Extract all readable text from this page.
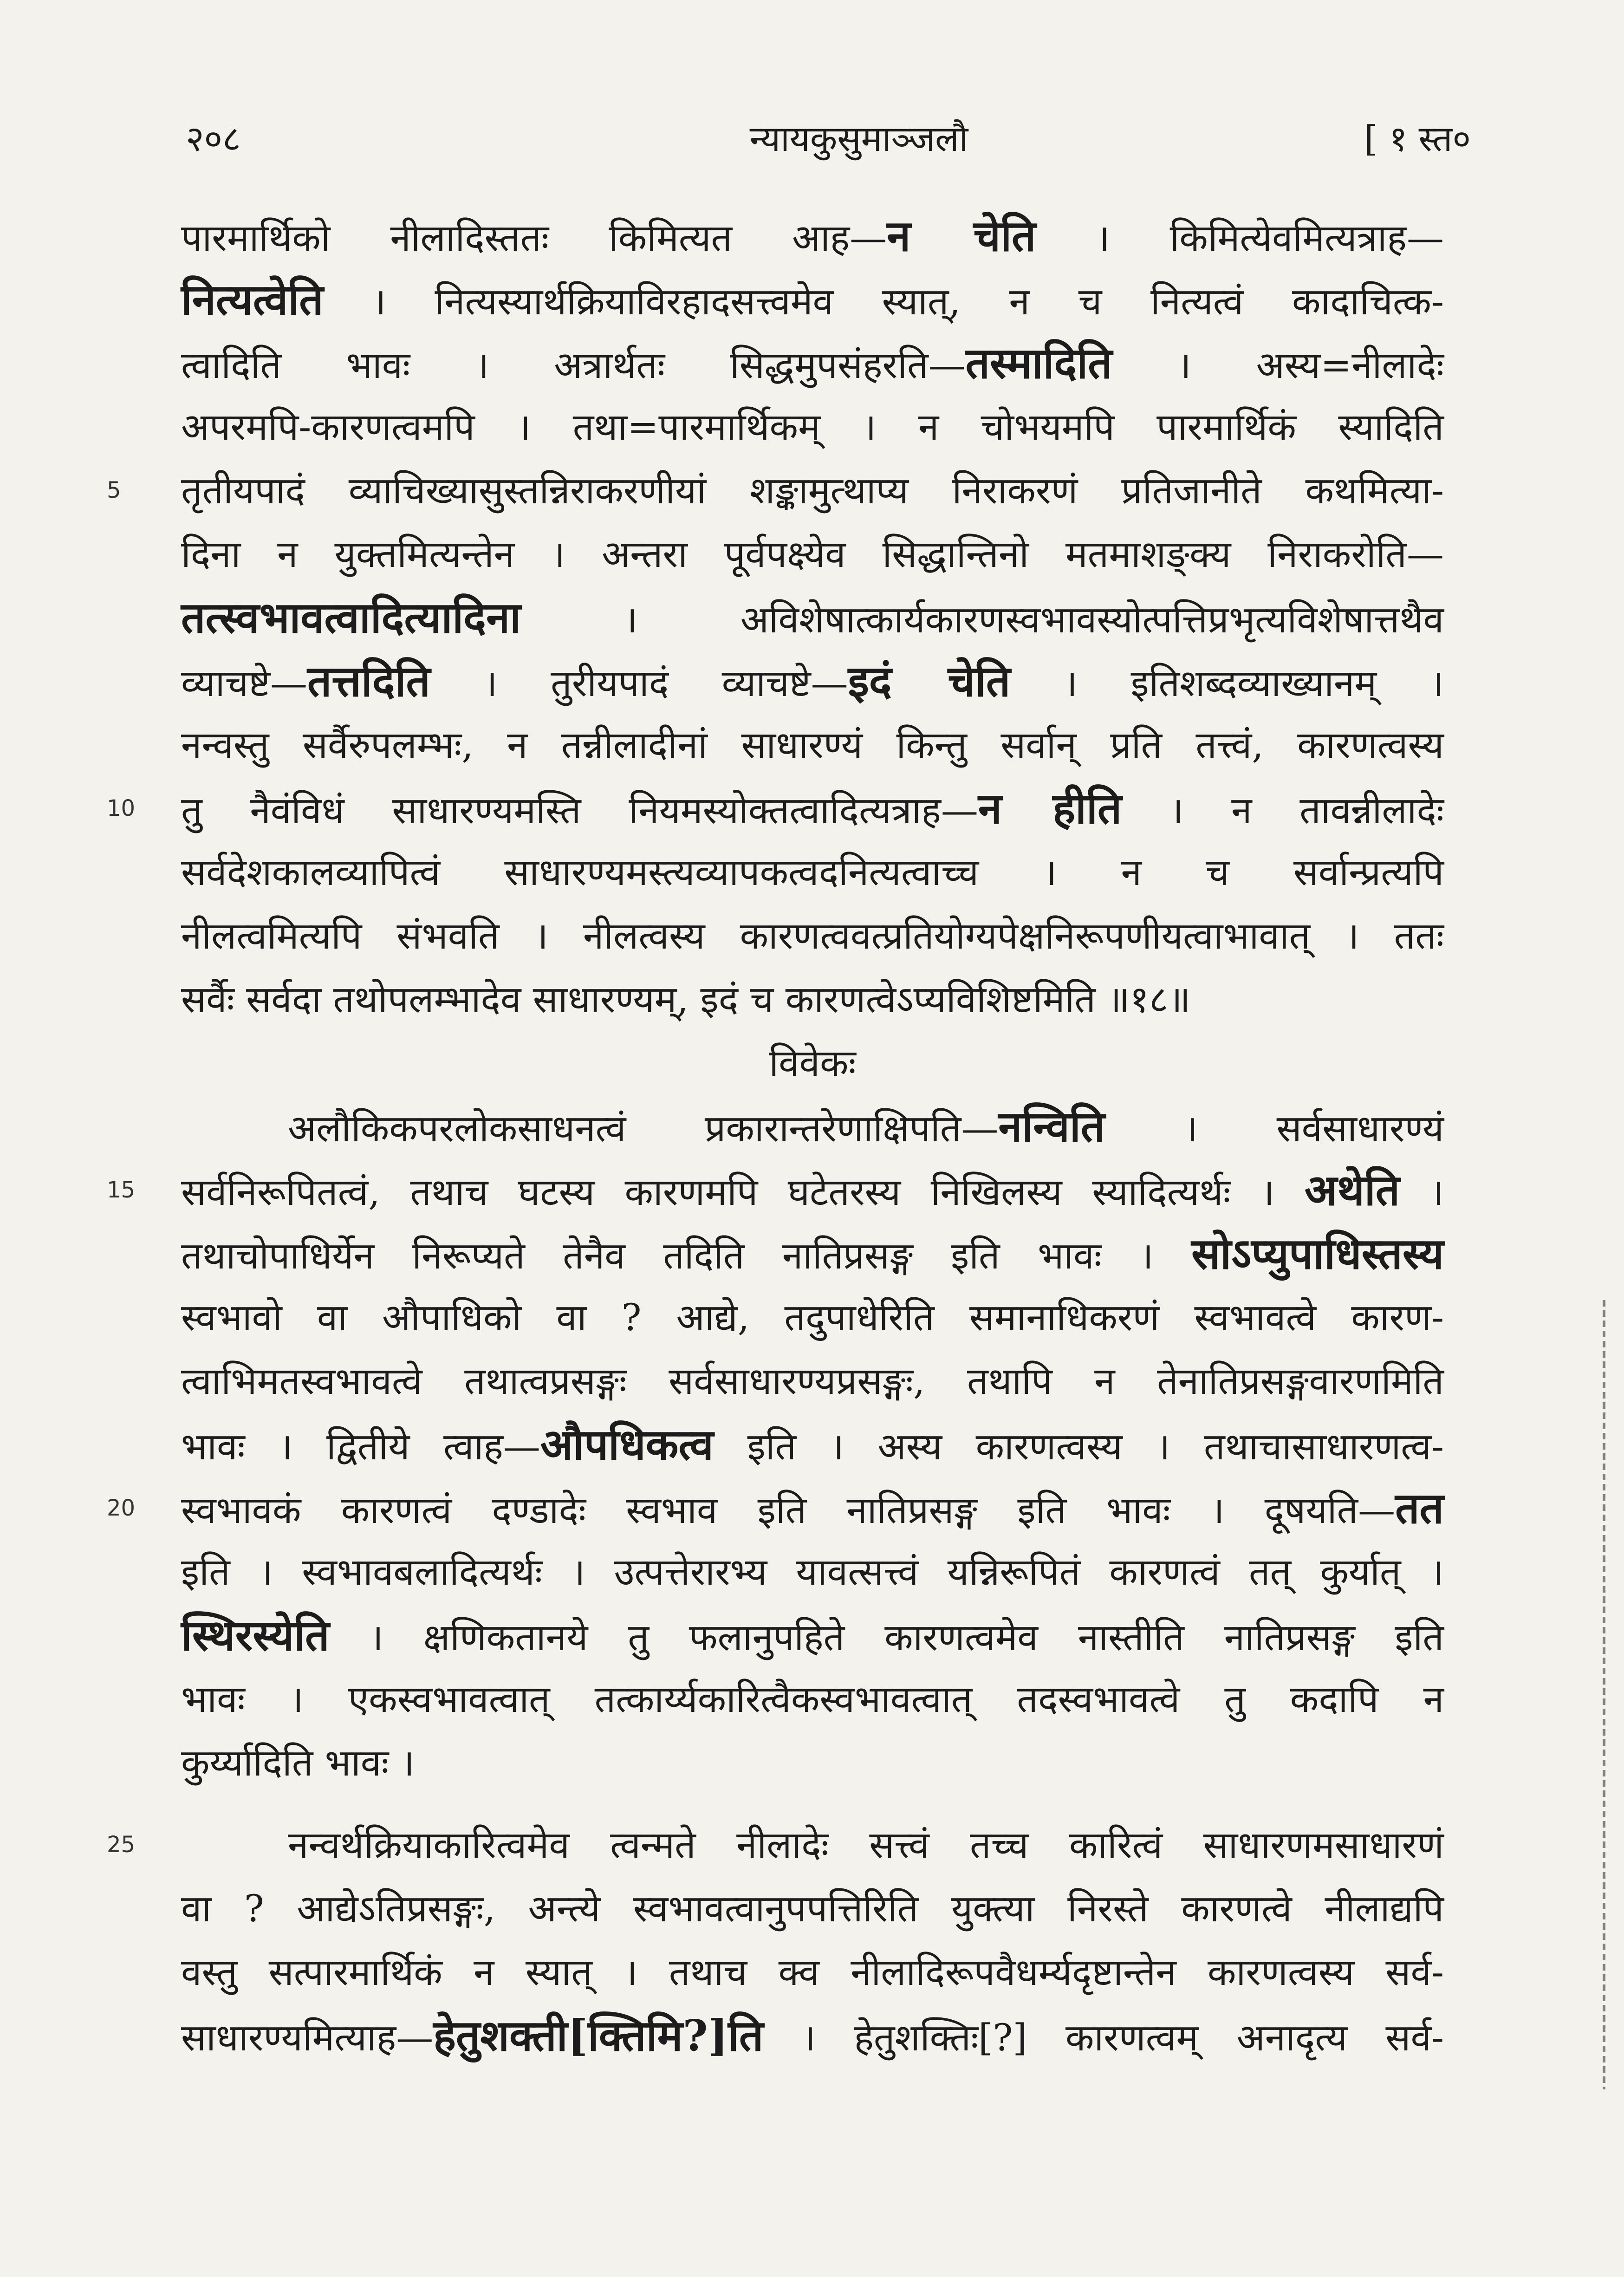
२०८	न्यायकुसुमाञ्जलौ	[ १ स्त०
पारमार्थिको नीलादिस्ततः किमित्यत आह—न चेति । किमित्येवमित्यत्राह—
नित्यत्वेति । नित्यस्यार्थक्रियाविरहादसत्त्वमेव स्यात्, न च नित्यत्वं कादाचित्क-
त्वादिति भावः । अत्रार्थतः सिद्धमुपसंहरति—तस्मादिति । अस्य=नीलादेः
अपरमपि-कारणत्वमपि । तथा=पारमार्थिकम् । न चोभयमपि पारमार्थिकं स्यादिति
5 तृतीयपादं व्याचिख्यासुस्तन्निराकरणीयां शङ्कामुत्थाप्य निराकरणं प्रतिजानीते कथमित्या-
दिना न युक्तमित्यन्तेन । अन्तरा पूर्वपक्ष्येव सिद्धान्तिनो मतमाशङ्क्य निराकरोति—
तत्स्वभावत्वादित्यादिना । अविशेषात्कार्यकारणस्वभावस्योत्पत्तिप्रभृत्यविशेषात्तथैव
व्याचष्टे—तत्तदिति । तुरीयपादं व्याचष्टे—इदं चेति । इतिशब्दव्याख्यानम् ।
नन्वस्तु सर्वैरुपलम्भः, न तन्नीलादीनां साधारण्यं किन्तु सर्वान् प्रति तत्त्वं, कारणत्वस्य
10 तु नैवंविधं साधारण्यमस्ति नियमस्योक्तत्वादित्यत्राह—न हीति । न तावन्नीलादेः
सर्वदेशकालव्यापित्वं साधारण्यमस्त्यव्यापकत्वदनित्यत्वाच्च । न च सर्वान्प्रत्यपि
नीलत्वमित्यपि संभवति । नीलत्वस्य कारणत्ववत्प्रतियोग्यपेक्षनिरूपणीयत्वाभावात् । ततः
सर्वैः सर्वदा तथोपलम्भादेव साधारण्यम्, इदं च कारणत्वेऽप्यविशिष्टमिति ॥१८॥
विवेकः
अलौकिकपरलोकसाधनत्वं प्रकारान्तरेणाक्षिपति—नन्विति । सर्वसाधारण्यं
15 सर्वनिरूपितत्वं, तथाच घटस्य कारणमपि घटेतरस्य निखिलस्य स्यादित्यर्थः । अथेति ।
तथाचोपाधिर्येन निरूप्यते तेनैव तदिति नातिप्रसङ्ग इति भावः । सोऽप्युपाधिस्तस्य
स्वभावो वा औपाधिको वा ? आद्ये, तदुपाधेरिति समानाधिकरणं स्वभावत्वे कारण-
त्वाभिमतस्वभावत्वे तथात्वप्रसङ्गः सर्वसाधारण्यप्रसङ्गः, तथापि न तेनातिप्रसङ्गवारणमिति
भावः । द्वितीये त्वाह—औपधिकत्व इति । अस्य कारणत्वस्य । तथाचासाधारणत्व-
20 स्वभावकं कारणत्वं दण्डादेः स्वभाव इति नातिप्रसङ्ग इति भावः । दूषयति—तत
इति । स्वभावबलादित्यर्थः । उत्पत्तेरारभ्य यावत्सत्त्वं यन्निरूपितं कारणत्वं तत् कुर्यात् ।
स्थिरस्येति । क्षणिकतानये तु फलानुपहिते कारणत्वमेव नास्तीति नातिप्रसङ्ग इति
भावः । एकस्वभावत्वात् तत्कार्य्यकारित्वैकस्वभावत्वात् तदस्वभावत्वे तु कदापि न
कुर्य्यादिति भावः ।
25	नन्वर्थक्रियाकारित्वमेव त्वन्मते नीलादेः सत्त्वं तच्च कारित्वं साधारणमसाधारणं
वा ? आद्येऽतिप्रसङ्गः, अन्त्ये स्वभावत्वानुपपत्तिरिति युक्त्या निरस्ते कारणत्वे नीलाद्यपि
वस्तु सत्पारमार्थिकं न स्यात् । तथाच क्व नीलादिरूपवैधर्म्यदृष्टान्तेन कारणत्वस्य सर्व-
साधारण्यमित्याह—हेतुशक्ती[क्तिमि?]ति । हेतुशक्तिः[?] कारणत्वम् अनादृत्य सर्व-
